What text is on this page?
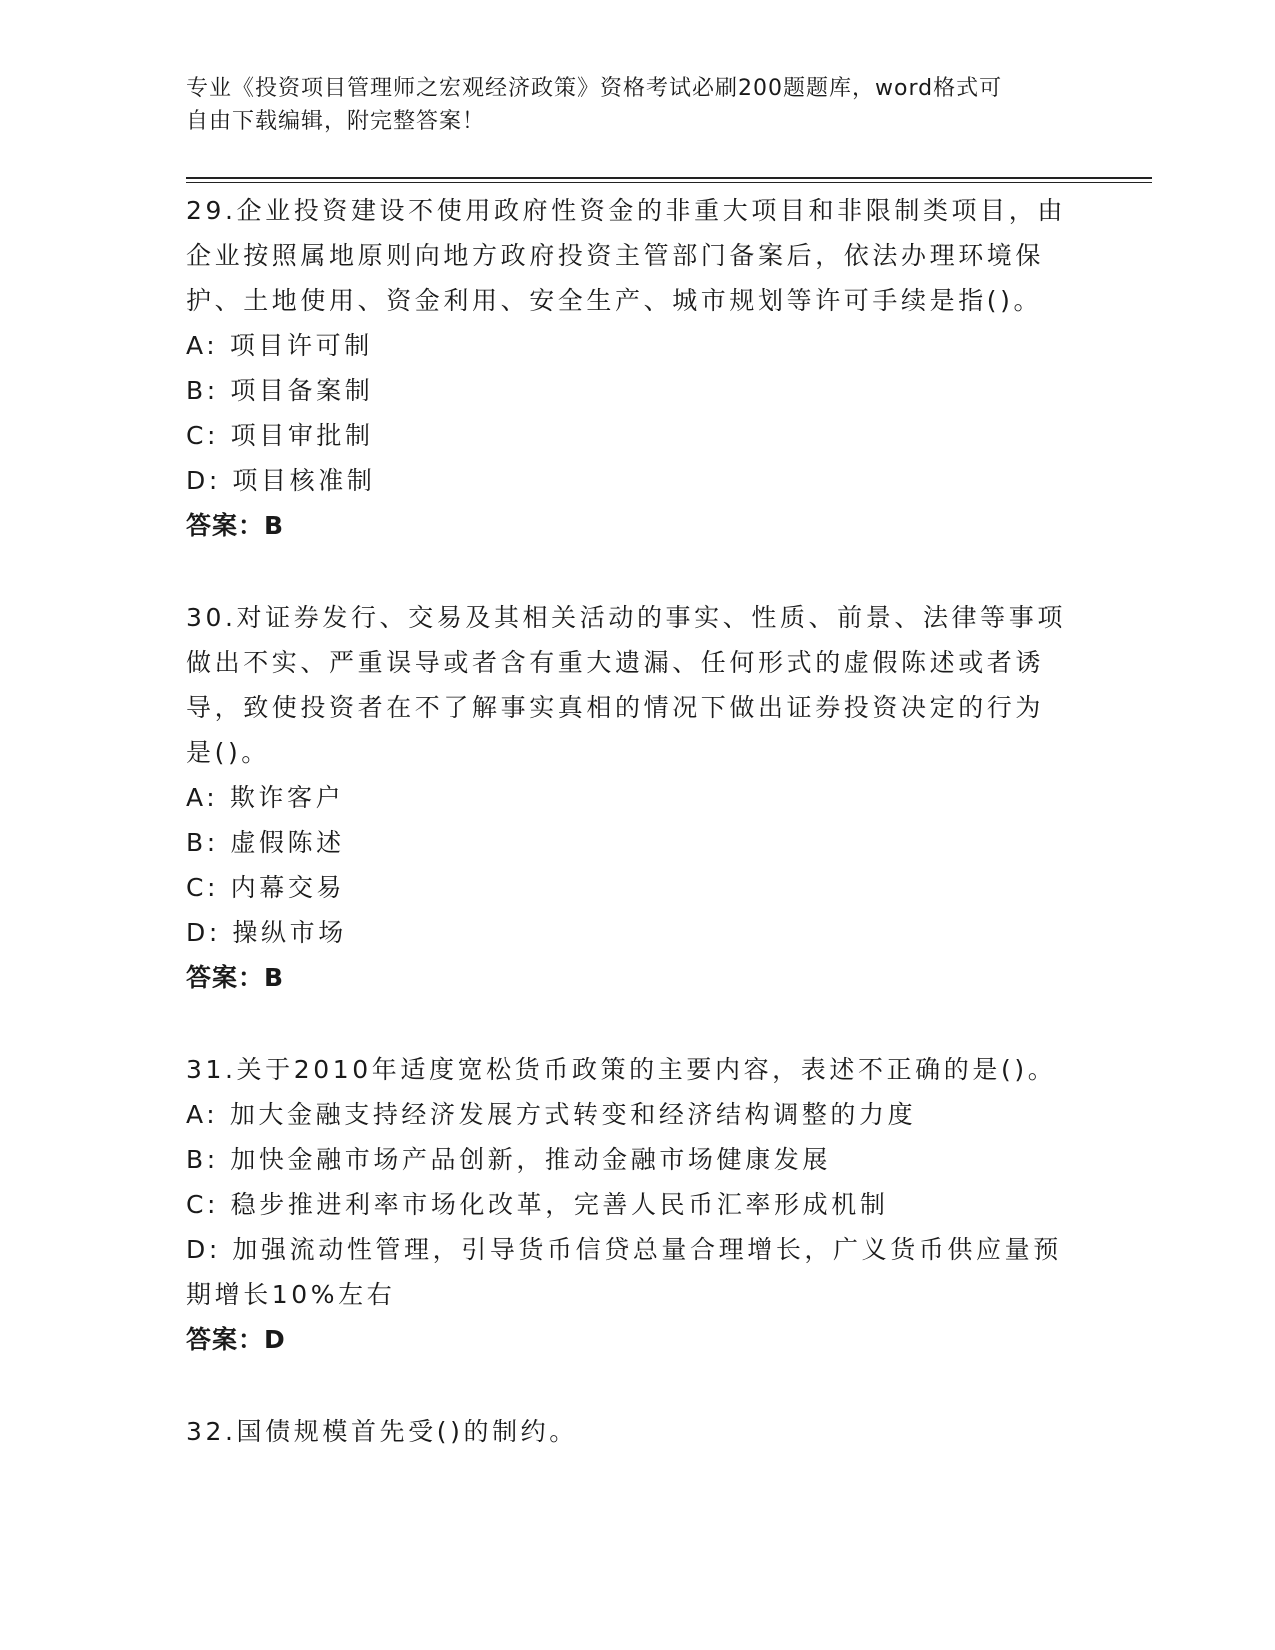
专业《投资项目管理师之宏观经济政策》资格考试必刷200题题库，word格式可
自由下载编辑，附完整答案！

29.企业投资建设不使用政府性资金的非重大项目和非限制类项目，由

企业按照属地原则向地方政府投资主管部门备案后，依法办理环境保

护、土地使用、资金利用、安全生产、城市规划等许可手续是指()。

A: 项目许可制

B: 项目备案制

C: 项目审批制

D: 项目核准制

答案：B

30.对证券发行、交易及其相关活动的事实、性质、前景、法律等事项

做出不实、严重误导或者含有重大遗漏、任何形式的虚假陈述或者诱

导，致使投资者在不了解事实真相的情况下做出证券投资决定的行为

是()。

A: 欺诈客户

B: 虚假陈述

C: 内幕交易

D: 操纵市场

答案：B

31.关于2010年适度宽松货币政策的主要内容，表述不正确的是()。

A: 加大金融支持经济发展方式转变和经济结构调整的力度

B: 加快金融市场产品创新，推动金融市场健康发展

C: 稳步推进利率市场化改革，完善人民币汇率形成机制

D: 加强流动性管理，引导货币信贷总量合理增长，广义货币供应量预

期增长10%左右

答案：D

32.国债规模首先受()的制约。
